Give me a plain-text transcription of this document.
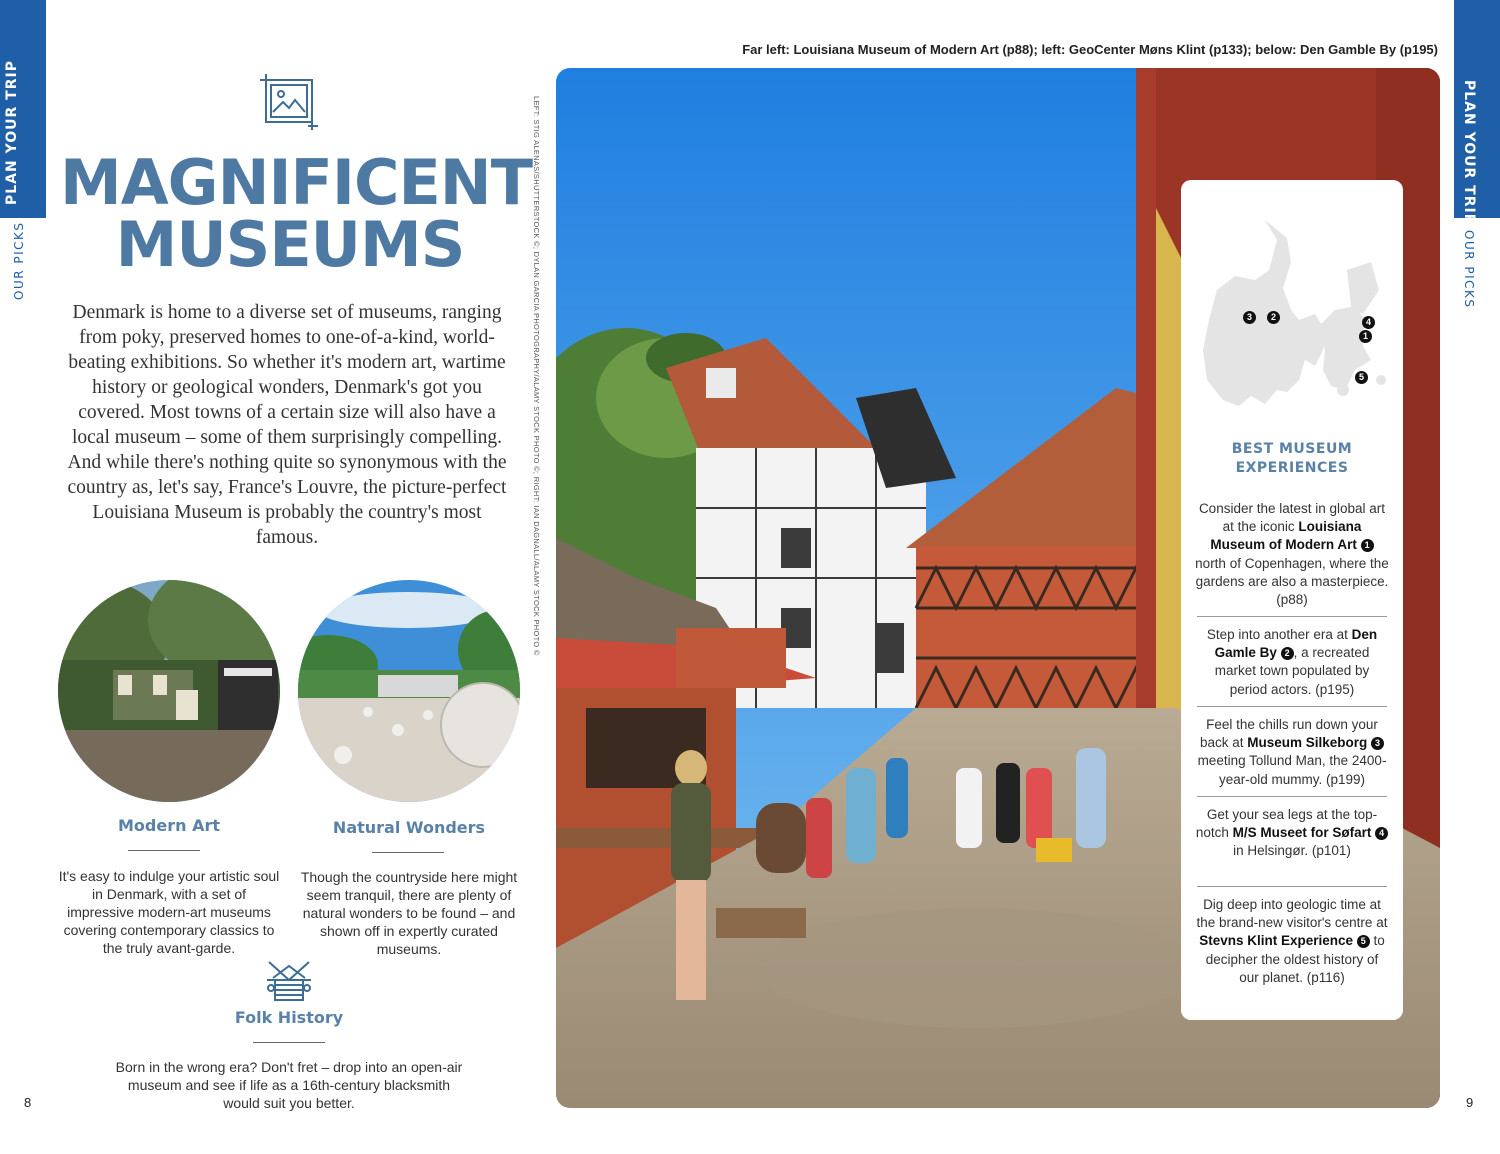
PLAN YOUR TRIP
OUR PICKS
PLAN YOUR TRIP
OUR PICKS
8	9
MAGNIFICENT
MUSEUMS
Denmark is home to a diverse set of museums, ranging from poky, preserved homes to one-of-a-kind, world-beating exhibitions. So whether it's modern art, wartime history or geological wonders, Denmark's got you covered. Most towns of a certain size will also have a local museum – some of them surprisingly compelling. And while there's nothing quite so synonymous with the country as, let's say, France's Louvre, the picture-perfect Louisiana Museum is probably the country's most famous.
Modern Art
It's easy to indulge your artistic soul in Denmark, with a set of impressive modern-art museums covering contemporary classics to the truly avant-garde.
Natural Wonders
Though the countryside here might seem tranquil, there are plenty of natural wonders to be found – and shown off in expertly curated museums.
Folk History
Born in the wrong era? Don't fret – drop into an open-air museum and see if life as a 16th-century blacksmith would suit you better.
LEFT: STIG ALENAS/SHUTTERSTOCK ©; DYLAN GARCIA PHOTOGRAPHY/ALAMY STOCK PHOTO ©; RIGHT: IAN DAGNALL/ALAMY STOCK PHOTO ©
Far left: Louisiana Museum of Modern Art (p88); left: GeoCenter Møns Klint (p133); below: Den Gamble By (p195)
3	2	4
1
5
BEST MUSEUM
EXPERIENCES
Consider the latest in global art at the iconic Louisiana Museum of Modern Art 1 north of Copenhagen, where the gardens are also a masterpiece. (p88)
Step into another era at Den Gamle By 2 , a recreated market town populated by period actors. (p195)
Feel the chills run down your back at Museum Silkeborg 3 meeting Tollund Man, the 2400-year-old mummy. (p199)
Get your sea legs at the top-notch M/S Museet for Søfart 4 in Helsingør. (p101)
Dig deep into geologic time at the brand-new visitor's centre at Stevns Klint Experience 5 to decipher the oldest history of our planet. (p116)
